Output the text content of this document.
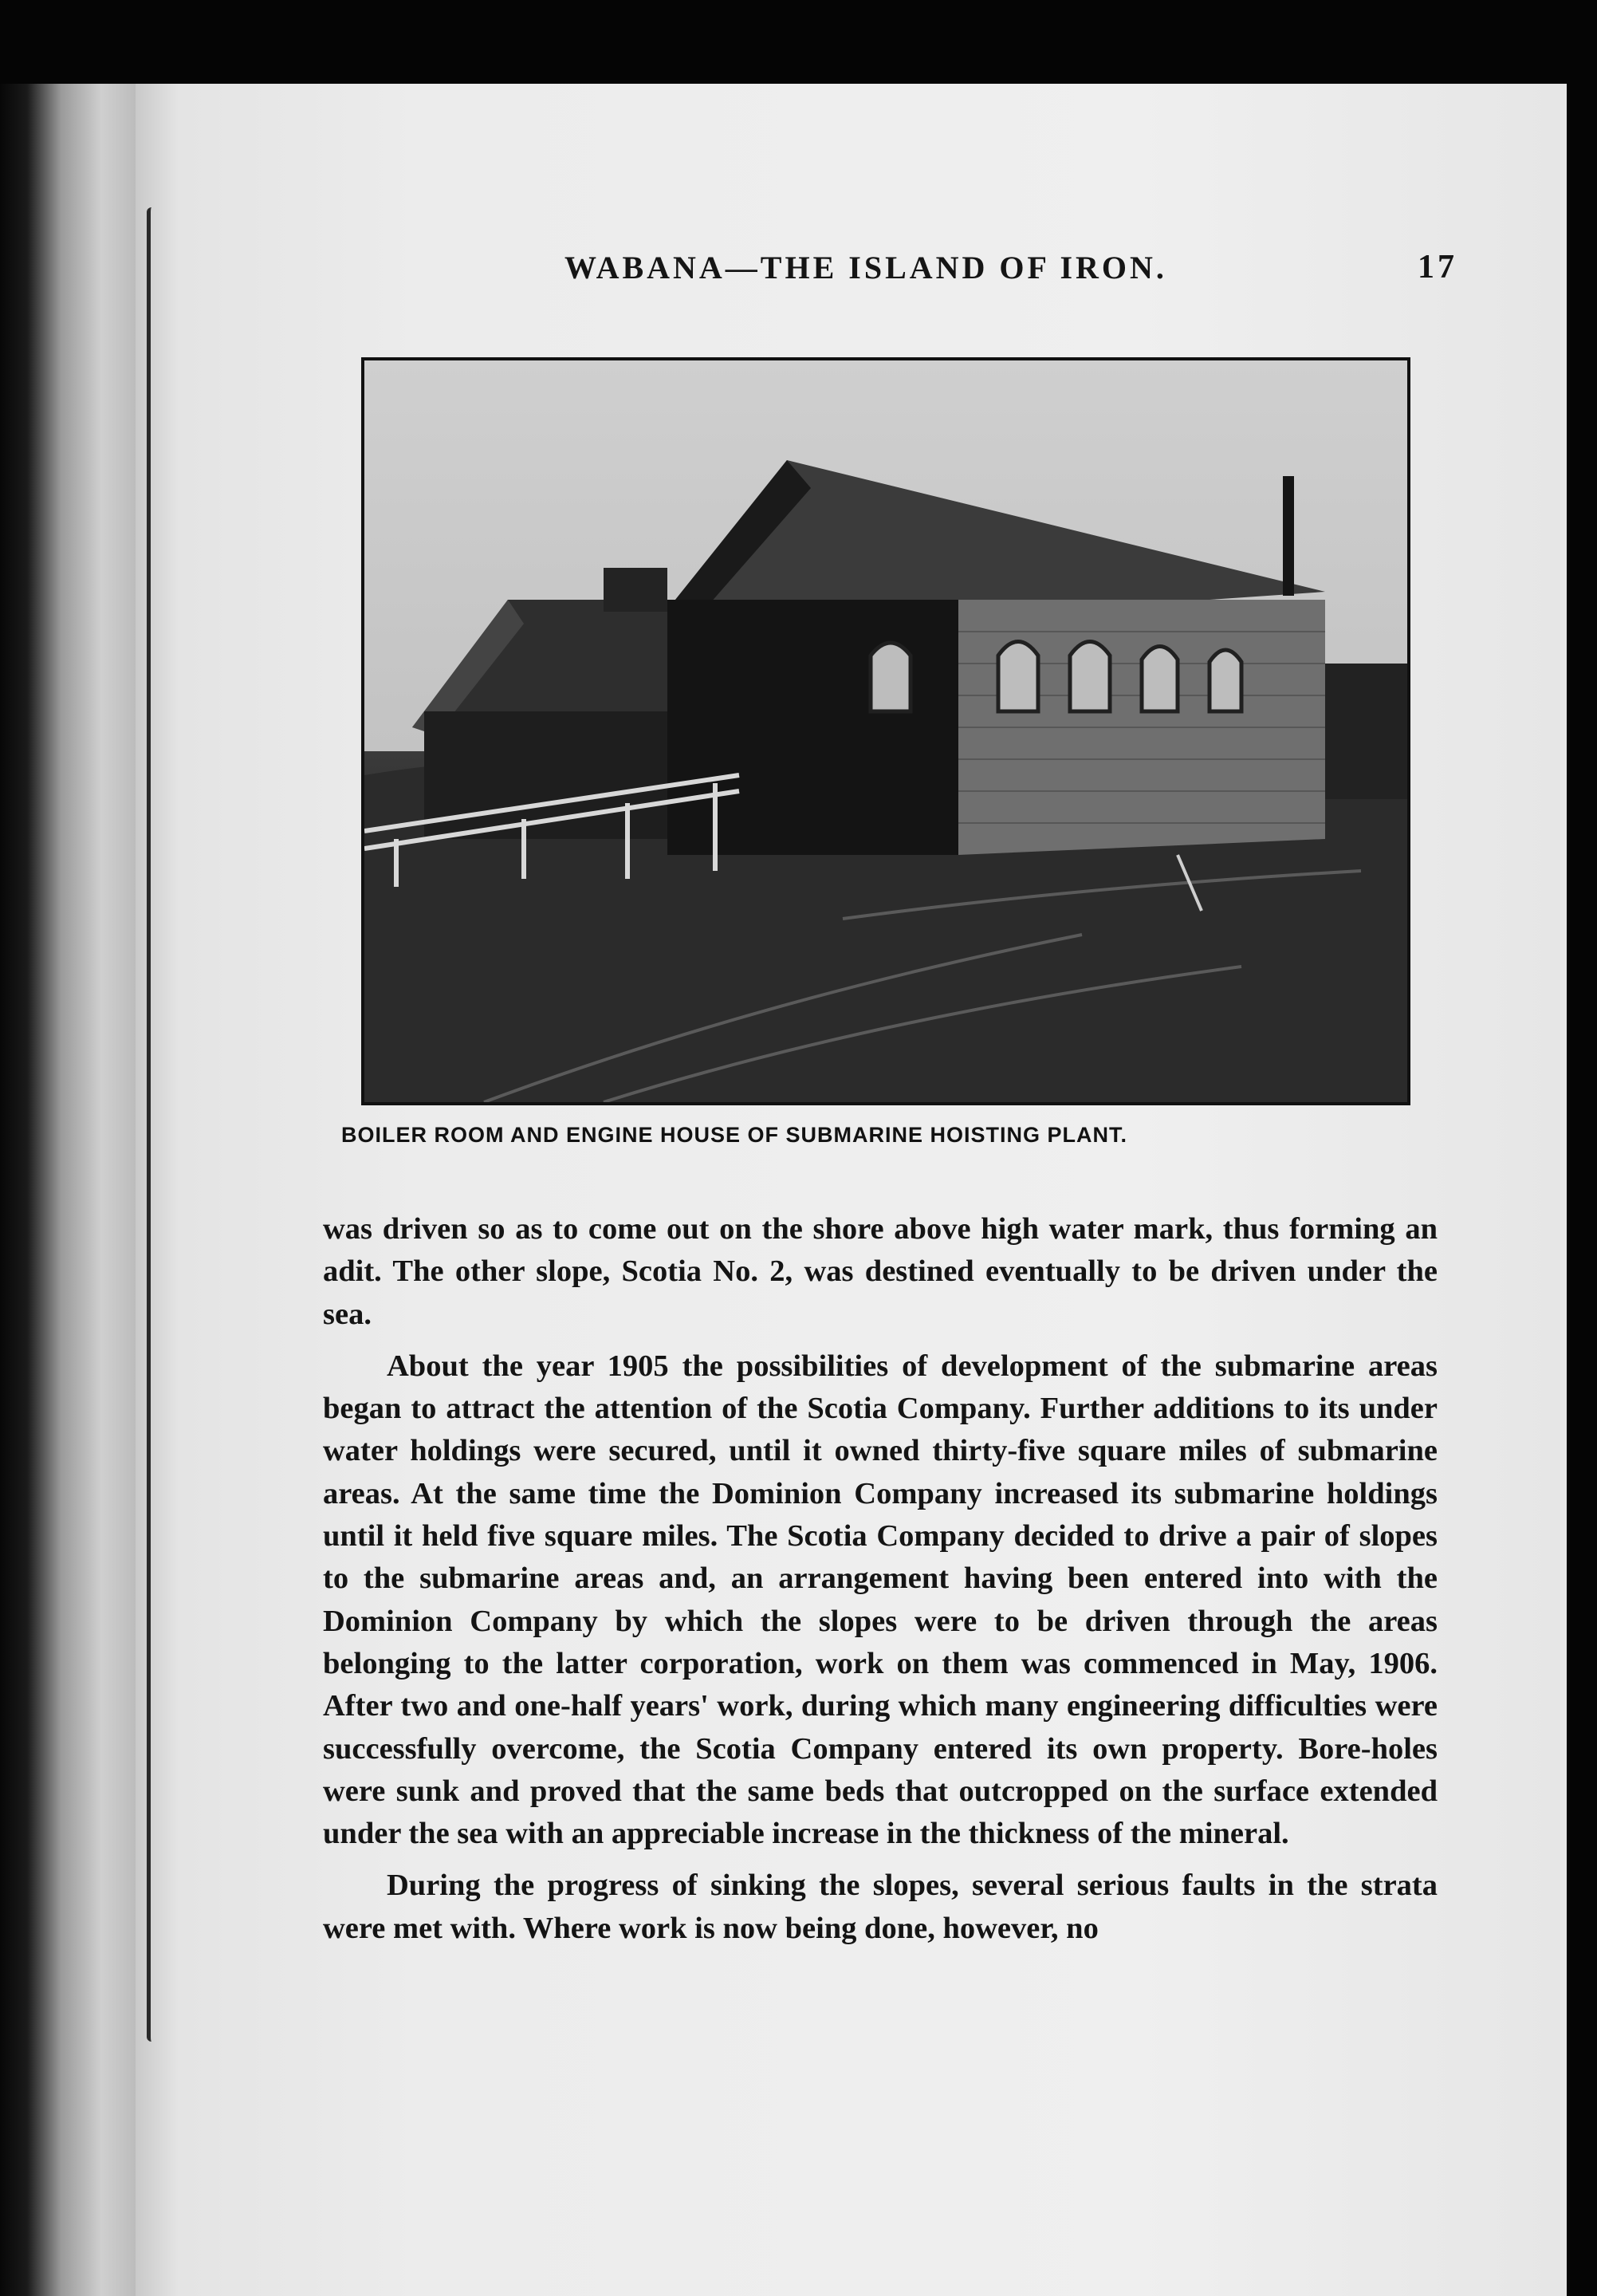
WABANA—THE ISLAND OF IRON.	17
BOILER ROOM AND ENGINE HOUSE OF SUBMARINE HOISTING PLANT.

was driven so as to come out on the shore above high water mark, thus forming an adit. The other slope, Scotia No. 2, was destined eventually to be driven under the sea.

About the year 1905 the possibilities of development of the submarine areas began to attract the attention of the Scotia Company. Further additions to its under water holdings were secured, until it owned thirty-five square miles of submarine areas. At the same time the Dominion Company increased its submarine holdings until it held five square miles. The Scotia Company decided to drive a pair of slopes to the submarine areas and, an arrangement having been entered into with the Dominion Company by which the slopes were to be driven through the areas belonging to the latter corporation, work on them was commenced in May, 1906. After two and one-half years' work, during which many engineering difficulties were successfully overcome, the Scotia Company entered its own property. Bore-holes were sunk and proved that the same beds that outcropped on the surface extended under the sea with an appreciable increase in the thickness of the mineral.

During the progress of sinking the slopes, several serious faults in the strata were met with. Where work is now being done, however, no
